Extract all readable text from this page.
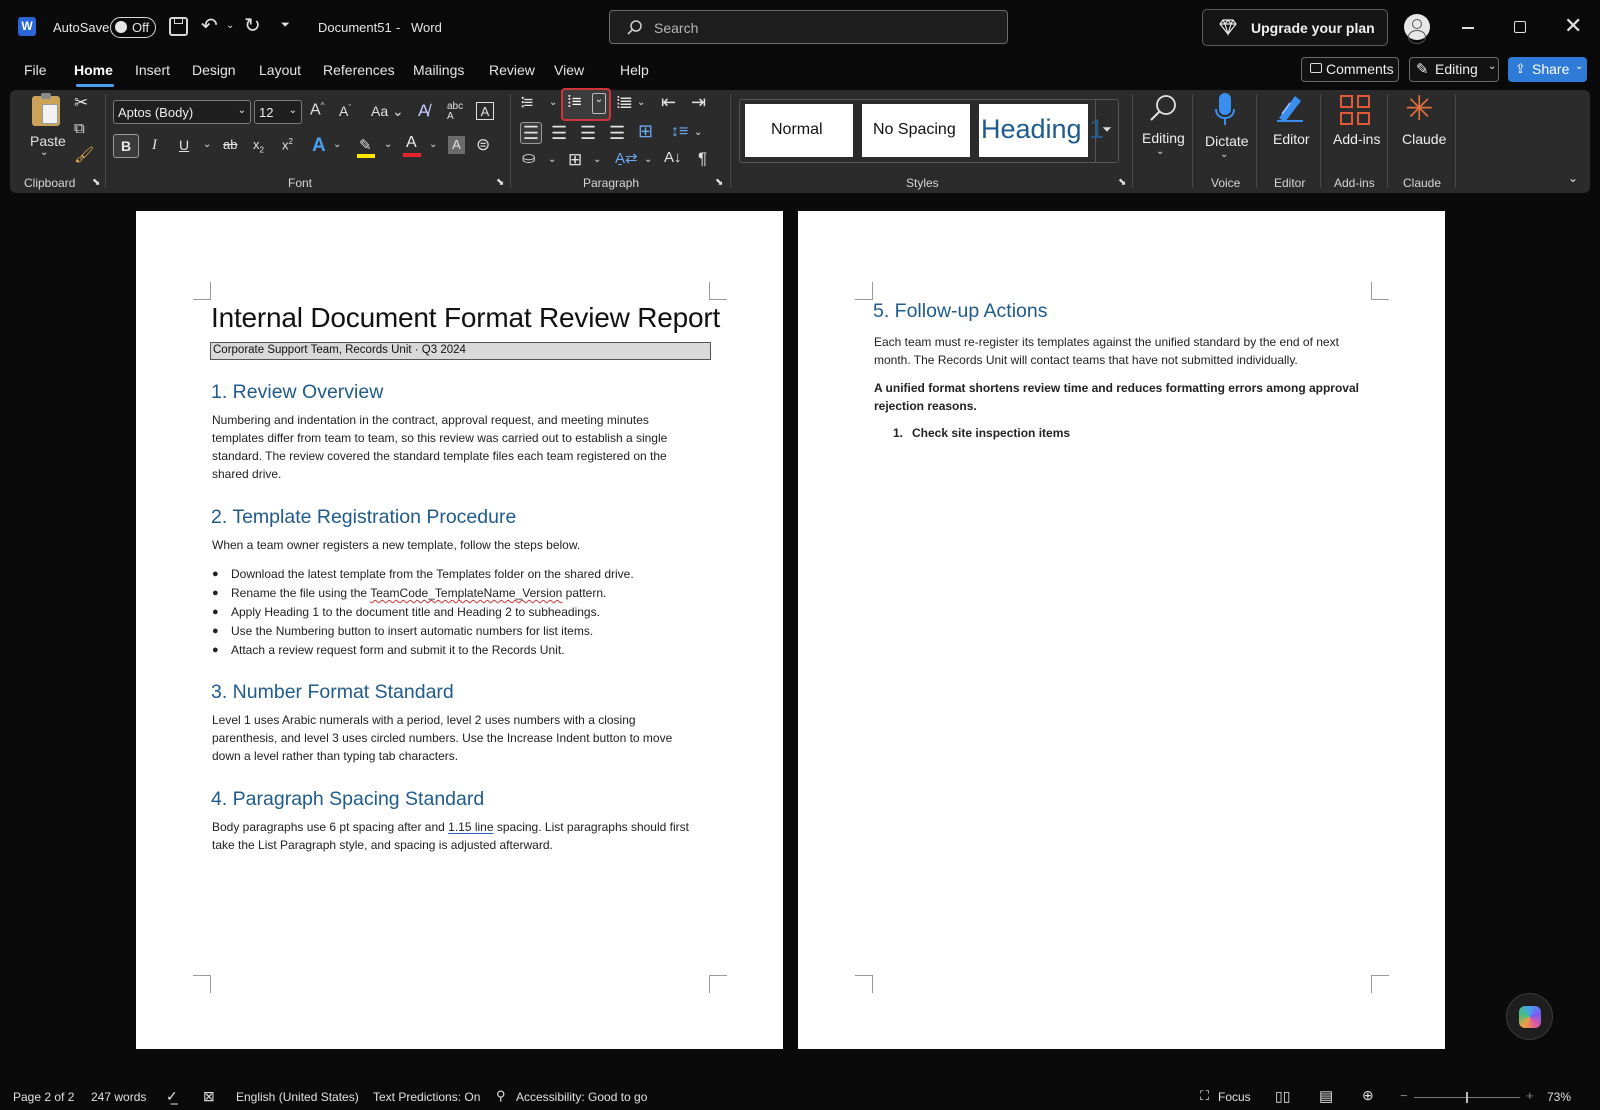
W AutoSave Off	↶ ⌄ ↻ ⏷ Document51 - Word	Search	Upgrade your plan	✕
File Home Insert Design Layout References Mailings Review View	Help	Comments ✎ Editing ⌄ ⇪ Share ⌄
Paste
⌄
✂
⧉
🖌
Clipboard ⬊
Aptos (Body)	⌄ 12 ⌄ A^ $A^ˇ$ Aa ⌄ A̸ abc
A	A
B	I U ⌄ ab $x_2$ $x^2$ A ⌄ ✎ ⌄ A ⌄	A ⊜
Font	⬊
⁝≡ ⌄ ⁞≡ ⌄ ⁞≣ ⌄ ⇤ ⇥
☰ ☰ ☰ ☰ ⊞ ↕≡ ⌄
⛀ ⌄ ⊞ ⌄ A̱⇄ ⌄ A↓ ¶
Paragraph	⬊
Normal	No Spacing Heading 1
⏷
Styles	⬊
Editing
⌄
Dictate
⌄
Voice
Editor
Editor
Add-ins
Add-ins
✳
Claude
Claude	⌄
Internal Document Format Review Report
Corporate Support Team, Records Unit · Q3 2024
1. Review Overview
Numbering and indentation in the contract, approval request, and meeting minutes templates differ from team to team, so this review was carried out to establish a single standard. The review covered the standard template files each team registered on the shared drive.
2. Template Registration Procedure
When a team owner registers a new template, follow the steps below.
● Download the latest template from the Templates folder on the shared drive.
● Rename the file using the TeamCode_TemplateName_Version pattern.
● Apply Heading 1 to the document title and Heading 2 to subheadings.
● Use the Numbering button to insert automatic numbers for list items.
● Attach a review request form and submit it to the Records Unit.
3. Number Format Standard
Level 1 uses Arabic numerals with a period, level 2 uses numbers with a closing parenthesis, and level 3 uses circled numbers. Use the Increase Indent button to move down a level rather than typing tab characters.
4. Paragraph Spacing Standard
Body paragraphs use 6 pt spacing after and 1.15 line spacing. List paragraphs should first take the List Paragraph style, and spacing is adjusted afterward.
5. Follow-up Actions
Each team must re-register its templates against the unified standard by the end of next month. The Records Unit will contact teams that have not submitted individually.
A unified format shortens review time and reduces formatting errors among approval rejection reasons.
1. Check site inspection items
Page 2 of 2 247 words ✓̲ ⊠ English (United States) Text Predictions: On ⚲ Accessibility: Good to go	⛶ Focus ▯▯ ▤ ⊕ −	+ 73%
